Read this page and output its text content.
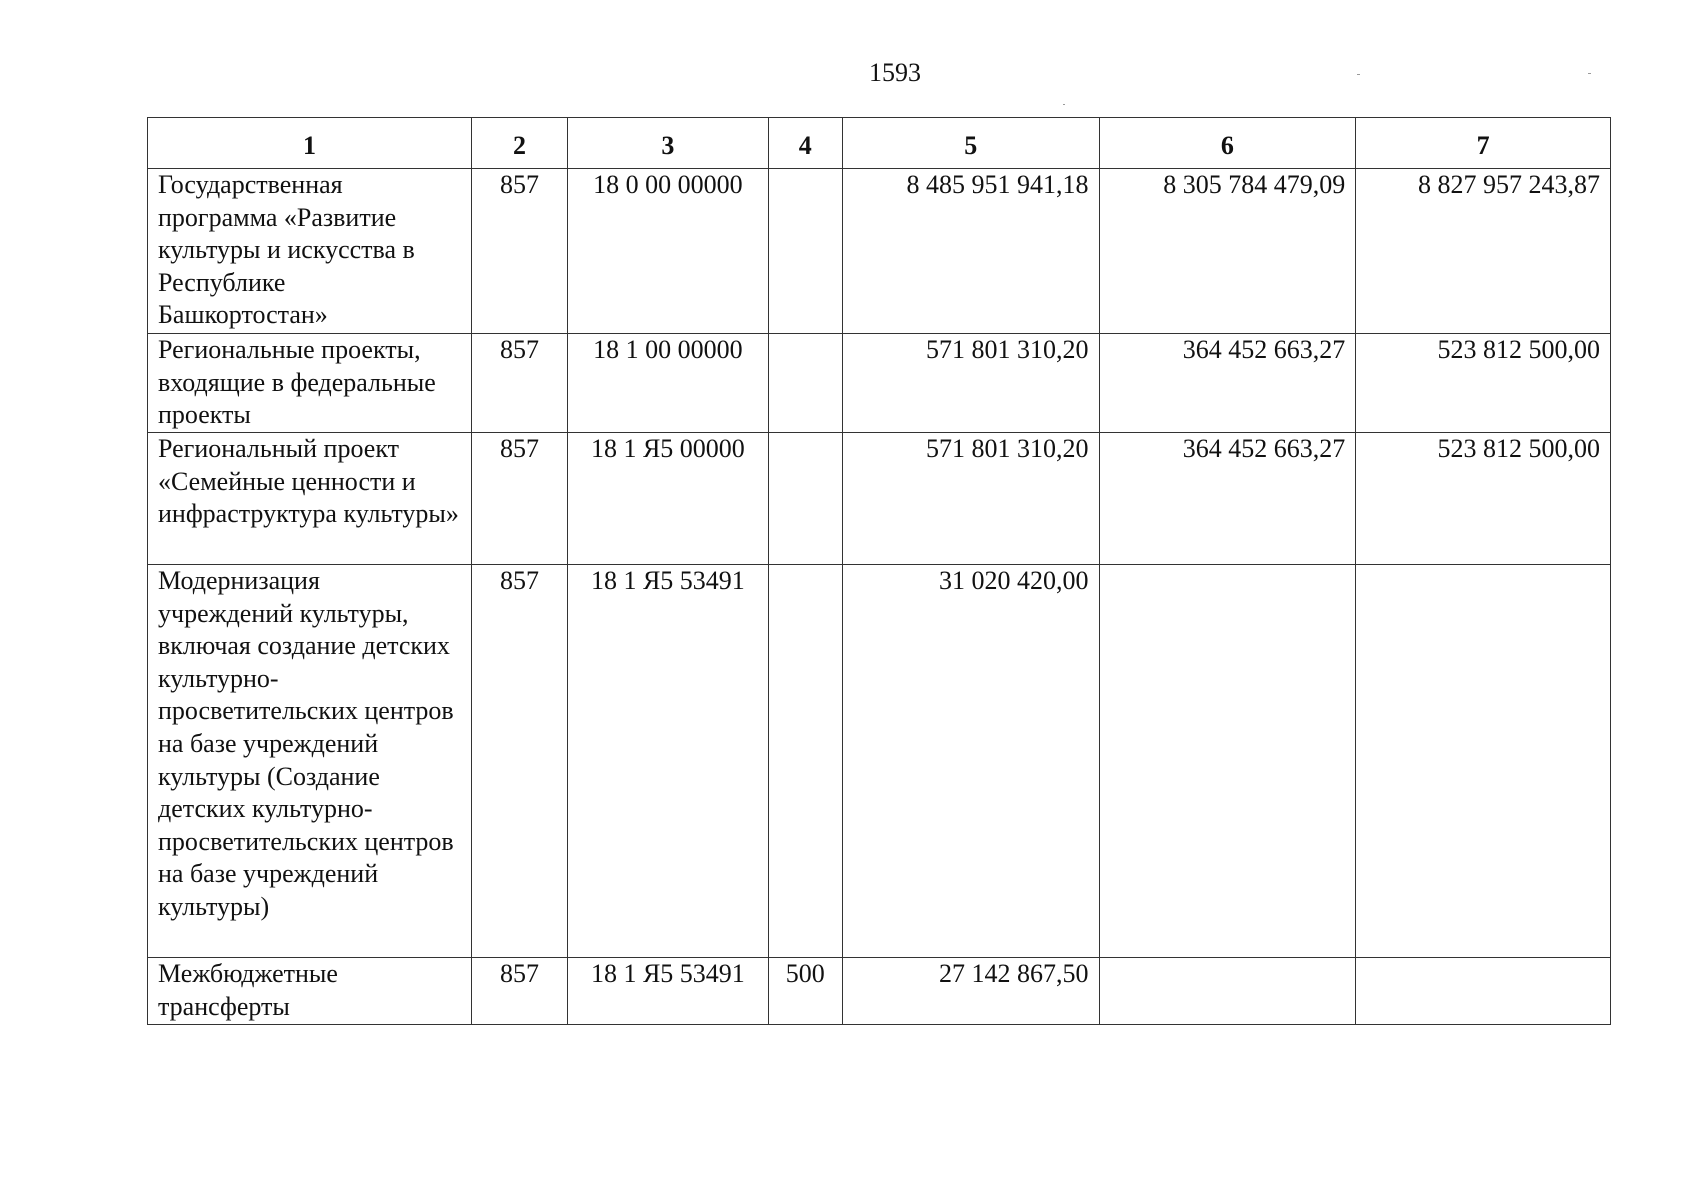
1593
1	2	3	4	5	6	7
Государственная программа «Развитие культуры и искусства в Республике Башкортостан»	857	18 0 00 00000		8 485 951 941,18	8 305 784 479,09	8 827 957 243,87
Региональные проекты, входящие в федеральные проекты	857	18 1 00 00000		571 801 310,20	364 452 663,27	523 812 500,00
Региональный проект «Семейные ценности и инфраструктура культуры»	857	18 1 Я5 00000		571 801 310,20	364 452 663,27	523 812 500,00
Модернизация учреждений культуры, включая создание детских культурно-просветительских центров на базе учреждений культуры (Создание детских культурно-просветительских центров на базе учреждений культуры)	857	18 1 Я5 53491		31 020 420,00		
Межбюджетные трансферты	857	18 1 Я5 53491	500	27 142 867,50		
